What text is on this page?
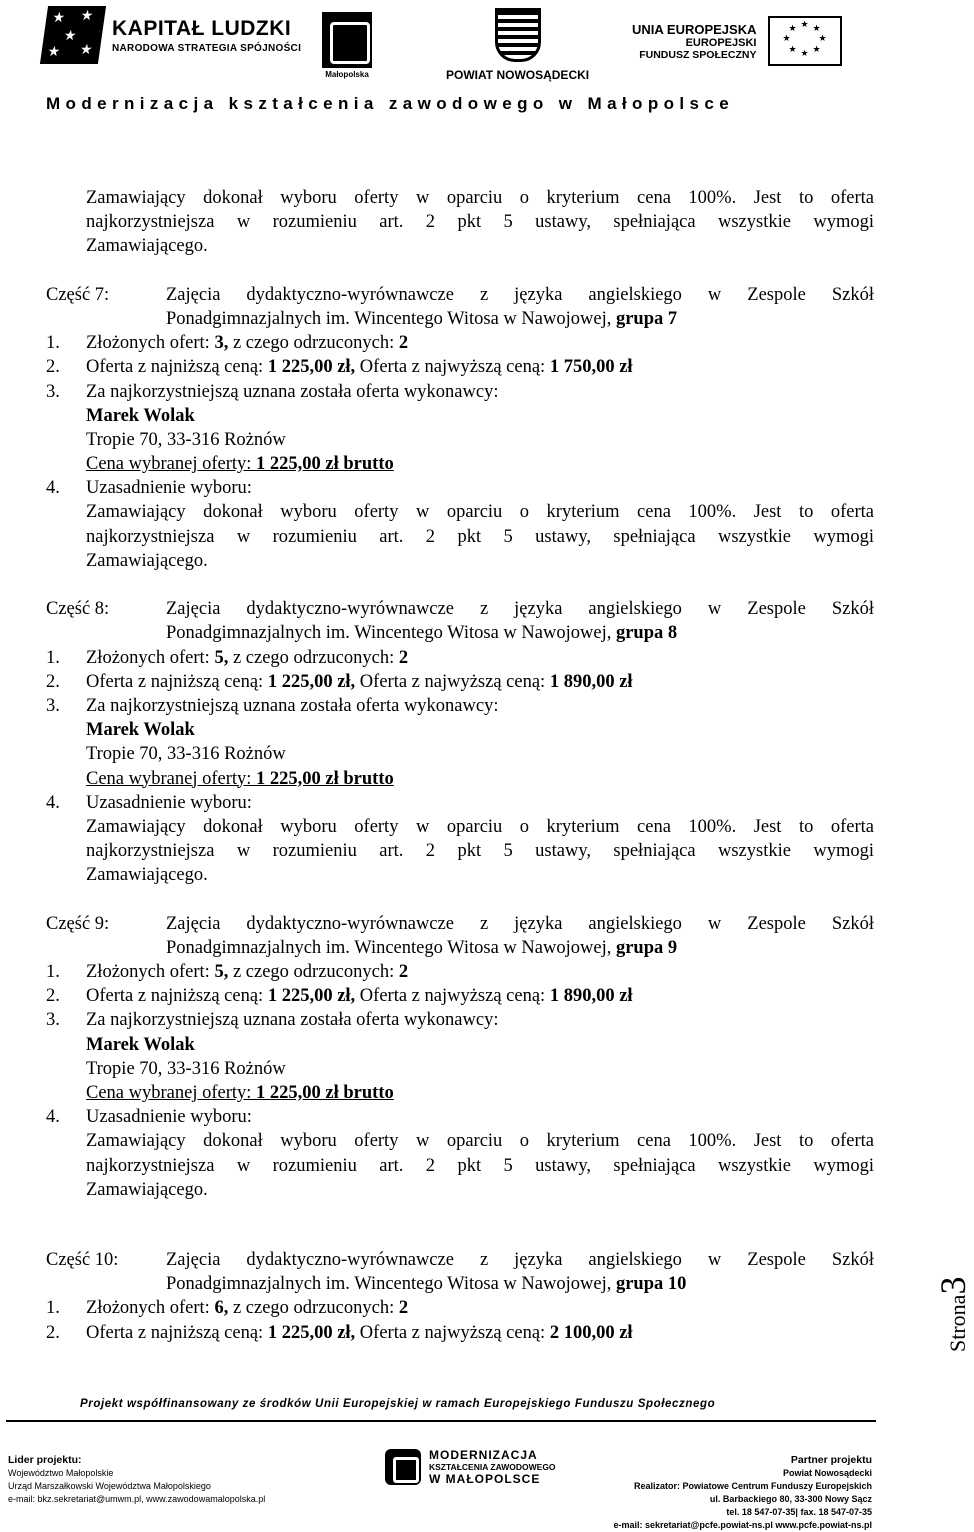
★ ★
★
★ ★
KAPITAŁ LUDZKI
NARODOWA STRATEGIA SPÓJNOŚCI
Małopolska	POWIAT NOWOSĄDECKI
UNIA EUROPEJSKA
EUROPEJSKI
FUNDUSZ SPOŁECZNY
★ ★
★
★
★
★
★
★
Modernizacja kształcenia zawodowego w Małopolsce
Zamawiający dokonał wyboru oferty w oparciu o kryterium cena 100%. Jest to oferta
najkorzystniejsza w rozumieniu art. 2 pkt 5 ustawy, spełniająca wszystkie wymogi
Zamawiającego.
Część 7:	Zajęcia dydaktyczno-wyrównawcze z języka angielskiego w Zespole Szkół
Ponadgimnazjalnych im. Wincentego Witosa w Nawojowej, grupa 7
1. Złożonych ofert: 3, z czego odrzuconych: 2
2. Oferta z najniższą ceną: 1 225,00 zł, Oferta z najwyższą ceną: 1 750,00 zł
3. Za najkorzystniejszą uznana została oferta wykonawcy:
Marek Wolak
Tropie 70, 33-316 Rożnów
Cena wybranej oferty: 1 225,00 zł brutto
4. Uzasadnienie wyboru:
Zamawiający dokonał wyboru oferty w oparciu o kryterium cena 100%. Jest to oferta
najkorzystniejsza w rozumieniu art. 2 pkt 5 ustawy, spełniająca wszystkie wymogi
Zamawiającego.
Część 8:	Zajęcia dydaktyczno-wyrównawcze z języka angielskiego w Zespole Szkół
Ponadgimnazjalnych im. Wincentego Witosa w Nawojowej, grupa 8
1. Złożonych ofert: 5, z czego odrzuconych: 2
2. Oferta z najniższą ceną: 1 225,00 zł, Oferta z najwyższą ceną: 1 890,00 zł
3. Za najkorzystniejszą uznana została oferta wykonawcy:
Marek Wolak
Tropie 70, 33-316 Rożnów
Cena wybranej oferty: 1 225,00 zł brutto
4. Uzasadnienie wyboru:
Zamawiający dokonał wyboru oferty w oparciu o kryterium cena 100%. Jest to oferta
najkorzystniejsza w rozumieniu art. 2 pkt 5 ustawy, spełniająca wszystkie wymogi
Zamawiającego.
Część 9:	Zajęcia dydaktyczno-wyrównawcze z języka angielskiego w Zespole Szkół
Ponadgimnazjalnych im. Wincentego Witosa w Nawojowej, grupa 9
1. Złożonych ofert: 5, z czego odrzuconych: 2
2. Oferta z najniższą ceną: 1 225,00 zł, Oferta z najwyższą ceną: 1 890,00 zł
3. Za najkorzystniejszą uznana została oferta wykonawcy:
Marek Wolak
Tropie 70, 33-316 Rożnów
Cena wybranej oferty: 1 225,00 zł brutto
4. Uzasadnienie wyboru:
Zamawiający dokonał wyboru oferty w oparciu o kryterium cena 100%. Jest to oferta
najkorzystniejsza w rozumieniu art. 2 pkt 5 ustawy, spełniająca wszystkie wymogi
Zamawiającego.
Część 10:	Zajęcia dydaktyczno-wyrównawcze z języka angielskiego w Zespole Szkół
Ponadgimnazjalnych im. Wincentego Witosa w Nawojowej, grupa 10
1. Złożonych ofert: 6, z czego odrzuconych: 2
2. Oferta z najniższą ceną: 1 225,00 zł, Oferta z najwyższą ceną: 2 100,00 zł	Strona3
Projekt współfinansowany ze środków Unii Europejskiej w ramach Europejskiego Funduszu Społecznego
Lider projektu:
Województwo Małopolskie
Urząd Marszałkowski Województwa Małopolskiego
e-mail: bkz.sekretariat@umwm.pl, www.zawodowamalopolska.pl
MODERNIZACJA
KSZTAŁCENIA ZAWODOWEGO
W MAŁOPOLSCE
Partner projektu
Powiat Nowosądecki
Realizator: Powiatowe Centrum Funduszy Europejskich
ul. Barbackiego 80, 33-300 Nowy Sącz
tel. 18 547-07-35| fax. 18 547-07-35
e-mail: sekretariat@pcfe.powiat-ns.pl www.pcfe.powiat-ns.pl
